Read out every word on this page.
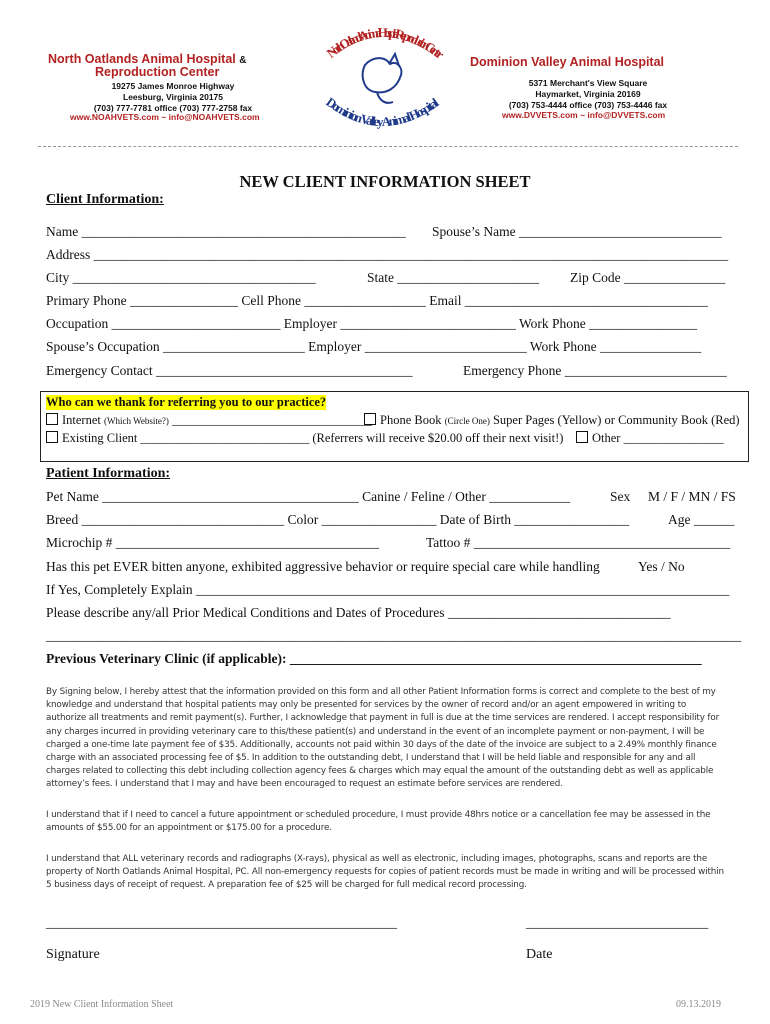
North Oatlands Animal Hospital &
Reproduction Center
19275 James Monroe Highway
Leesburg, Virginia 20175
(703) 777-7781 office (703) 777-2758 fax
www.NOAHVETS.com ~ info@NOAHVETS.com
North Oatlands Animal Hospital Reproduction Center
Dominion Valley Animal Hospital
Dominion Valley Animal Hospital
5371 Merchant's View Square
Haymarket, Virginia 20169
(703) 753-4444 office (703) 753-4446 fax
www.DVVETS.com ~ info@DVVETS.com
NEW CLIENT INFORMATION SHEET
Client Information:
Name ________________________________________________ Spouse’s Name ______________________________
Address ______________________________________________________________________________________________
City ____________________________________	State _____________________ Zip Code _______________
Primary Phone ________________ Cell Phone __________________ Email ____________________________________
Occupation _________________________ Employer __________________________ Work Phone ________________
Spouse’s Occupation _____________________ Employer ________________________ Work Phone _______________
Emergency Contact ______________________________________	Emergency Phone ________________________
Who can we thank for referring you to our practice?
Internet (Which Website?) ________________________________ Phone Book (Circle One) Super Pages (Yellow) or Community Book (Red)
Existing Client ___________________________ (Referrers will receive $20.00 off their next visit!)	Other ________________
Patient Information:
Pet Name ______________________________________ Canine / Feline / Other ____________	Sex M / F / MN / FS
Breed ______________________________ Color _________________ Date of Birth _________________	Age ______
Microchip # _______________________________________	Tattoo # ______________________________________
Has this pet EVER bitten anyone, exhibited aggressive behavior or require special care while handling	Yes / No
If Yes, Completely Explain _______________________________________________________________________________
Please describe any/all Prior Medical Conditions and Dates of Procedures _________________________________
_______________________________________________________________________________________________________
Previous Veterinary Clinic (if applicable): _____________________________________________________________
By Signing below, I hereby attest that the information provided on this form and all other Patient Information forms is correct and complete to the best of my knowledge and understand that hospital patients may only be presented for services by the owner of record and/or an agent empowered in writing to authorize all treatments and remit payment(s). Further, I acknowledge that payment in full is due at the time services are rendered. I accept responsibility for any charges incurred in providing veterinary care to this/these patient(s) and understand in the event of an incomplete payment or non-payment, I will be charged a one-time late payment fee of $35. Additionally, accounts not paid within 30 days of the date of the invoice are subject to a 2.49% monthly finance charge with an associated processing fee of $5. In addition to the outstanding debt, I understand that I will be held liable and responsible for any and all charges related to collecting this debt including collection agency fees & charges which may equal the amount of the outstanding debt as well as applicable attorney’s fees. I understand that I may and have been encouraged to request an estimate before services are rendered.
I understand that if I need to cancel a future appointment or scheduled procedure, I must provide 48hrs notice or a cancellation fee may be assessed in the amounts of $55.00 for an appointment or $175.00 for a procedure.
I understand that ALL veterinary records and radiographs (X-rays), physical as well as electronic, including images, photographs, scans and reports are the property of North Oatlands Animal Hospital, PC. All non-emergency requests for copies of patient records must be made in writing and will be processed within 5 business days of receipt of request. A preparation fee of $25 will be charged for full medical record processing.
____________________________________________________	___________________________
Signature	Date
2019 New Client Information Sheet	09.13.2019
